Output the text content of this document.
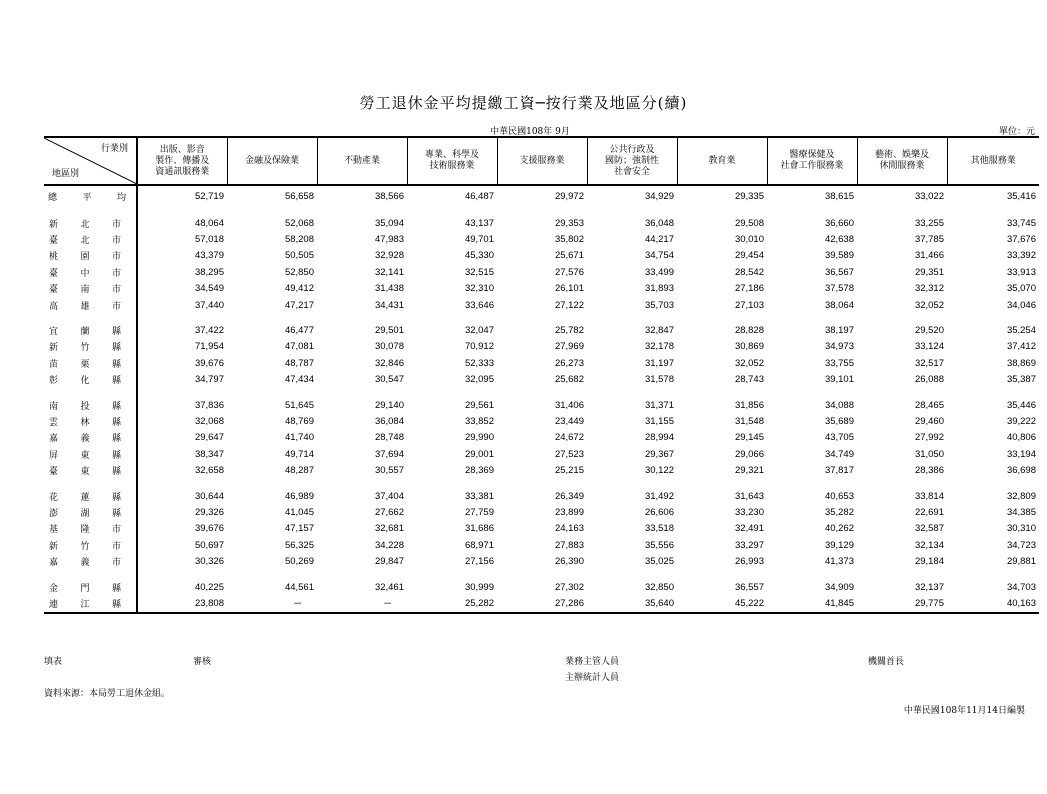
勞工退休金平均提繳工資─按行業及地區分(續)
中華民國108年 9月	單位：元

行業別

地區別	出版、影音
製作、傳播及
資通訊服務業	金融及保險業	不動產業	專業、科學及
技術服務業	支援服務業	公共行政及
國防；強制性
社會安全	教育業	醫療保健及
社會工作服務業	藝術、娛樂及
休閒服務業	其他服務業

總 平 均	52,719	56,658	38,566	46,487	29,972	34,929	29,335	38,615	33,022	35,416

新 北 市	48,064	52,068	35,094	43,137	29,353	36,048	29,508	36,660	33,255	33,745

臺 北 市	57,018	58,208	47,983	49,701	35,802	44,217	30,010	42,638	37,785	37,676

桃 園 市	43,379	50,505	32,928	45,330	25,671	34,754	29,454	39,589	31,466	33,392

臺 中 市	38,295	52,850	32,141	32,515	27,576	33,499	28,542	36,567	29,351	33,913

臺 南 市	34,549	49,412	31,438	32,310	26,101	31,893	27,186	37,578	32,312	35,070

高 雄 市	37,440	47,217	34,431	33,646	27,122	35,703	27,103	38,064	32,052	34,046

宜 蘭 縣	37,422	46,477	29,501	32,047	25,782	32,847	28,828	38,197	29,520	35,254

新 竹 縣	71,954	47,081	30,078	70,912	27,969	32,178	30,869	34,973	33,124	37,412

苗 栗 縣	39,676	48,787	32,846	52,333	26,273	31,197	32,052	33,755	32,517	38,869

彰 化 縣	34,797	47,434	30,547	32,095	25,682	31,578	28,743	39,101	26,088	35,387

南 投 縣	37,836	51,645	29,140	29,561	31,406	31,371	31,856	34,088	28,465	35,446

雲 林 縣	32,068	48,769	36,084	33,852	23,449	31,155	31,548	35,689	29,460	39,222

嘉 義 縣	29,647	41,740	28,748	29,990	24,672	28,994	29,145	43,705	27,992	40,806

屏 東 縣	38,347	49,714	37,694	29,001	27,523	29,367	29,066	34,749	31,050	33,194

臺 東 縣	32,658	48,287	30,557	28,369	25,215	30,122	29,321	37,817	28,386	36,698

花 蓮 縣	30,644	46,989	37,404	33,381	26,349	31,492	31,643	40,653	33,814	32,809

澎 湖 縣	29,326	41,045	27,662	27,759	23,899	26,606	33,230	35,282	22,691	34,385

基 隆 市	39,676	47,157	32,681	31,686	24,163	33,518	32,491	40,262	32,587	30,310

新 竹 市	50,697	56,325	34,228	68,971	27,883	35,556	33,297	39,129	32,134	34,723

嘉 義 市	30,326	50,269	29,847	27,156	26,390	35,025	26,993	41,373	29,184	29,881

金 門 縣	40,225	44,561	32,461	30,999	27,302	32,850	36,557	34,909	32,137	34,703

連 江 縣	23,808	─	─	25,282	27,286	35,640	45,222	41,845	29,775	40,163
填表	審核	業務主管人員
主辦統計人員
機關首長
資料來源：本局勞工退休金組。
中華民國108年11月14日編製
